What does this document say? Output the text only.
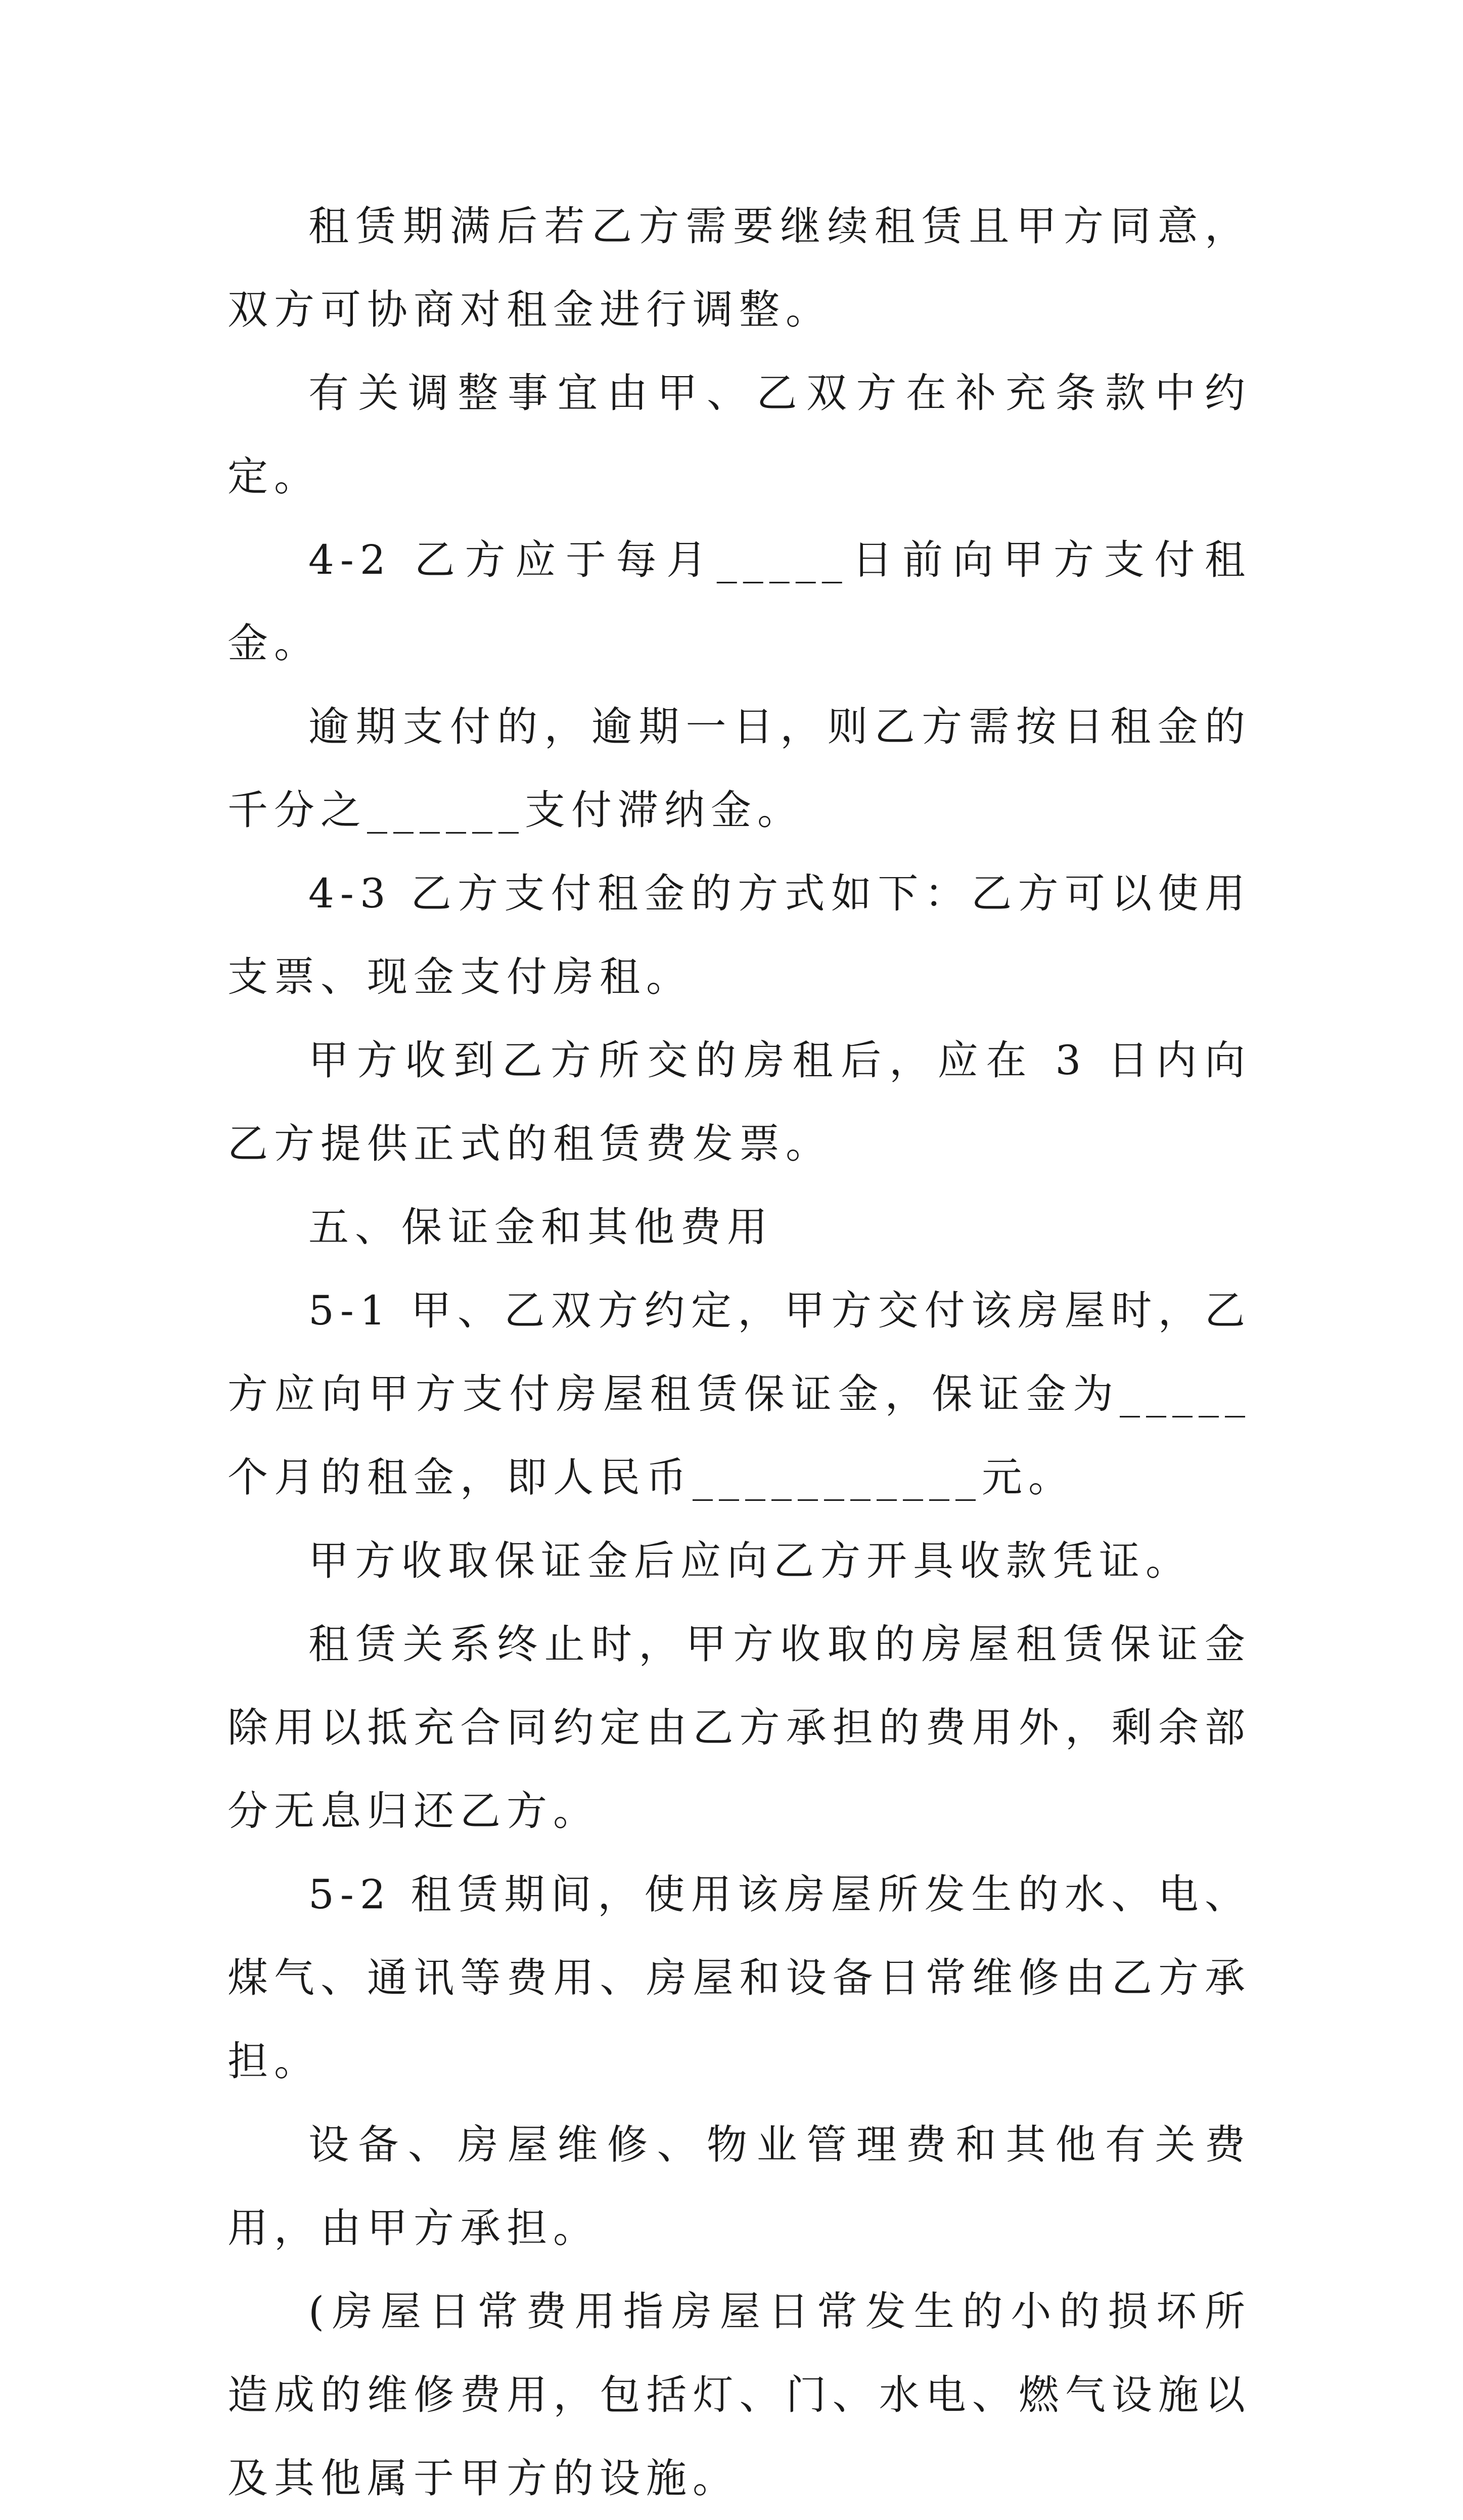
租赁期满后若乙方需要继续租赁且甲方同意，双方可协商对租金进行调整。

有关调整事宜由甲、乙双方在补充条款中约定。

4-2 乙方应于每月_____日前向甲方支付租金。

逾期支付的，逾期一日，则乙方需按日租金的千分之______支付滞纳金。

4-3 乙方支付租金的方式如下：乙方可以使用支票、现金支付房租。

甲方收到乙方所交的房租后，应在 3 日内向乙方提供正式的租赁费发票。

五、保证金和其他费用

5-1 甲、乙双方约定，甲方交付该房屋时，乙方应向甲方支付房屋租赁保证金，保证金为_____个月的租金，即人民币___________元。

甲方收取保证金后应向乙方开具收款凭证。

租赁关系终止时，甲方收取的房屋租赁保证金除用以抵充合同约定由乙方承担的费用外，剩余部分无息归还乙方。

5-2 租赁期间，使用该房屋所发生的水、电、煤气、通讯等费用、房屋和设备日常维修由乙方承担。

设备、房屋维修、物业管理费和其他有关费用，由甲方承担。

(房屋日常费用指房屋日常发生的小的损坏所造成的维修费用，包括灯、门、水电、燃气设施以及其他属于甲方的设施。
